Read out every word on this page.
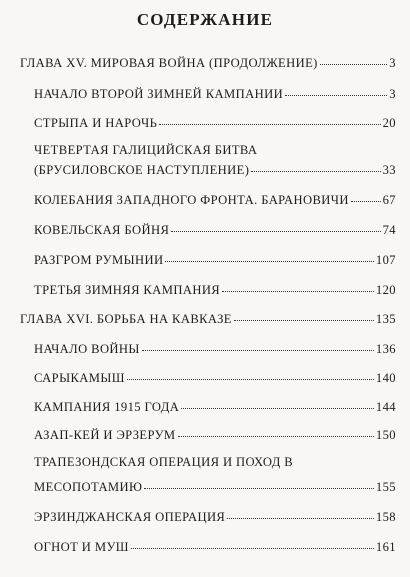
СОДЕРЖАНИЕ
ГЛАВА XV. МИРОВАЯ ВОЙНА (ПРОДОЛЖЕНИЕ)	3
НАЧАЛО ВТОРОЙ ЗИМНЕЙ КАМПАНИИ	3
СТРЫПА И НАРОЧЬ	20
ЧЕТВЕРТАЯ ГАЛИЦИЙСКАЯ БИТВА
(БРУСИЛОВСКОЕ НАСТУПЛЕНИЕ)	33
КОЛЕБАНИЯ ЗАПАДНОГО ФРОНТА. БАРАНОВИЧИ	67
КОВЕЛЬСКАЯ БОЙНЯ	74
РАЗГРОМ РУМЫНИИ	107
ТРЕТЬЯ ЗИМНЯЯ КАМПАНИЯ	120
ГЛАВА XVI. БОРЬБА НА КАВКАЗЕ	135
НАЧАЛО ВОЙНЫ	136
САРЫКАМЫШ	140
КАМПАНИЯ 1915 ГОДА	144
АЗАП-КЕЙ И ЭРЗЕРУМ	150
ТРАПЕЗОНДСКАЯ ОПЕРАЦИЯ И ПОХОД В
МЕСОПОТАМИЮ	155
ЭРЗИНДЖАНСКАЯ ОПЕРАЦИЯ	158
ОГНОТ И МУШ	161
